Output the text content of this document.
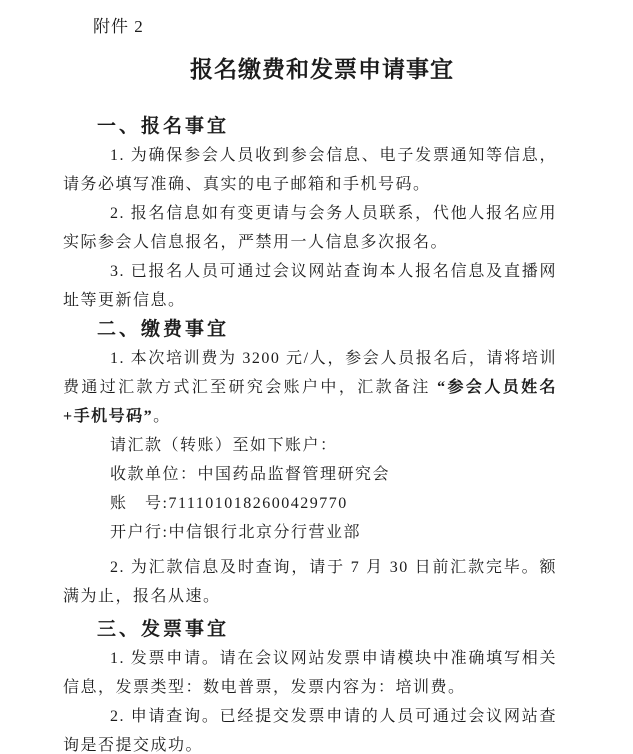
附件 2
报名缴费和发票申请事宜
一、报名事宜

1. 为确保参会人员收到参会信息、电子发票通知等信息，请务必填写准确、真实的电子邮箱和手机号码。

2. 报名信息如有变更请与会务人员联系，代他人报名应用实际参会人信息报名，严禁用一人信息多次报名。

3. 已报名人员可通过会议网站查询本人报名信息及直播网址等更新信息。

二、缴费事宜

1. 本次培训费为 3200 元/人，参会人员报名后，请将培训费通过汇款方式汇至研究会账户中，汇款备注 “参会人员姓名+手机号码”。

请汇款（转账）至如下账户：

收款单位：中国药品监督管理研究会

账　号:7111010182600429770

开户行:中信银行北京分行营业部

2. 为汇款信息及时查询，请于 7 月 30 日前汇款完毕。额满为止，报名从速。

三、发票事宜

1. 发票申请。请在会议网站发票申请模块中准确填写相关信息，发票类型：数电普票，发票内容为：培训费。

2. 申请查询。已经提交发票申请的人员可通过会议网站查询是否提交成功。
